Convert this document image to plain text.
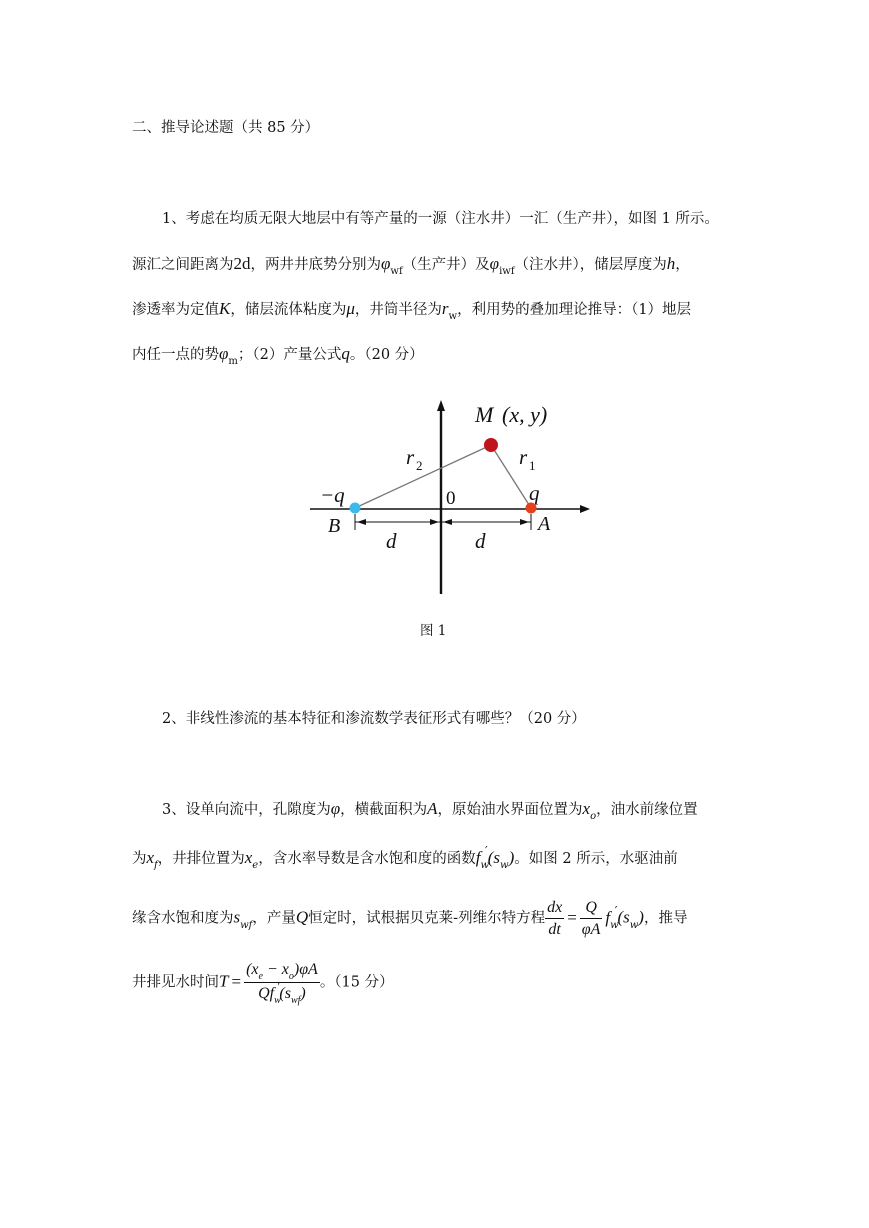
二、推导论述题（共 85 分）
1、考虑在均质无限大地层中有等产量的一源（注水井）一汇（生产井），如图 1 所示。
源汇之间距离为2d，两井井底势分别为$\varphi_{wf}$（生产井）及$\varphi_{iwf}$（注水井），储层厚度为h，
渗透率为定值K，储层流体粘度为μ，井筒半径为$r_w$，利用势的叠加理论推导：（1）地层
内任一点的势$\varphi_m$；（2）产量公式q。（20 分）
M (x, y)
r 2	r 1
−q	q
0
B	A
d	d
图 1
2、非线性渗流的基本特征和渗流数学表征形式有哪些？（20 分）
3、设单向流中，孔隙度为φ，横截面积为A，原始油水界面位置为$x_o$，油水前缘位置
为$x_f$，井排位置为$x_e$，含水率导数是含水饱和度的函数$f_w'(s_w)$。如图 2 所示，水驱油前
缘含水饱和度为$s_{wf}$，产量Q恒定时，试根据贝克莱-列维尔特方程 $\frac{dx}{dt} = \frac{Q}{\varphi A} f_w'(s_w)$，推导
井排见水时间$T = \frac{(x_e - x_o)\varphi A}{Qf_w'(s_{wf})}$ 。（15 分）
